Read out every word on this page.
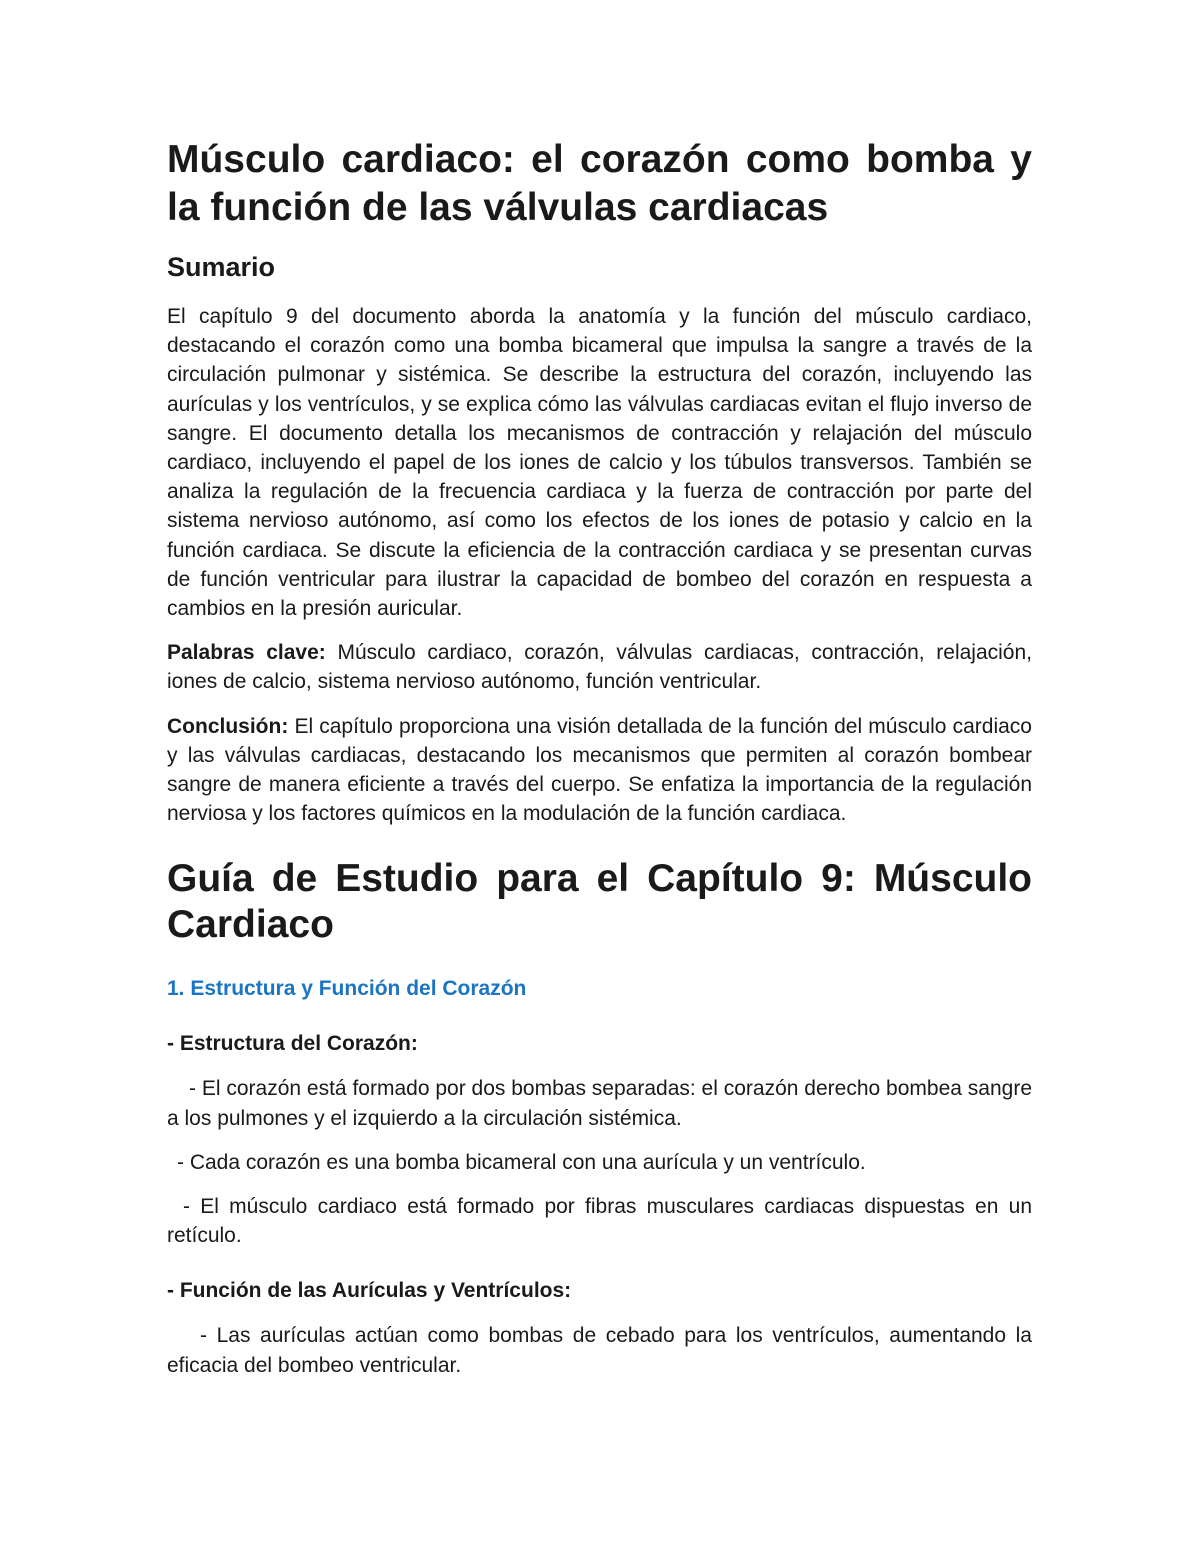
Músculo cardiaco: el corazón como bomba y la función de las válvulas cardiacas
Sumario

El capítulo 9 del documento aborda la anatomía y la función del músculo cardiaco, destacando el corazón como una bomba bicameral que impulsa la sangre a través de la circulación pulmonar y sistémica. Se describe la estructura del corazón, incluyendo las aurículas y los ventrículos, y se explica cómo las válvulas cardiacas evitan el flujo inverso de sangre. El documento detalla los mecanismos de contracción y relajación del músculo cardiaco, incluyendo el papel de los iones de calcio y los túbulos transversos. También se analiza la regulación de la frecuencia cardiaca y la fuerza de contracción por parte del sistema nervioso autónomo, así como los efectos de los iones de potasio y calcio en la función cardiaca. Se discute la eficiencia de la contracción cardiaca y se presentan curvas de función ventricular para ilustrar la capacidad de bombeo del corazón en respuesta a cambios en la presión auricular.

Palabras clave: Músculo cardiaco, corazón, válvulas cardiacas, contracción, relajación, iones de calcio, sistema nervioso autónomo, función ventricular.

Conclusión: El capítulo proporciona una visión detallada de la función del músculo cardiaco y las válvulas cardiacas, destacando los mecanismos que permiten al corazón bombear sangre de manera eficiente a través del cuerpo. Se enfatiza la importancia de la regulación nerviosa y los factores químicos en la modulación de la función cardiaca.

Guía de Estudio para el Capítulo 9: Músculo Cardiaco
1. Estructura y Función del Corazón
- Estructura del Corazón:

- El corazón está formado por dos bombas separadas: el corazón derecho bombea sangre a los pulmones y el izquierdo a la circulación sistémica.

- Cada corazón es una bomba bicameral con una aurícula y un ventrículo.

- El músculo cardiaco está formado por fibras musculares cardiacas dispuestas en un retículo.

- Función de las Aurículas y Ventrículos:

- Las aurículas actúan como bombas de cebado para los ventrículos, aumentando la eficacia del bombeo ventricular.
